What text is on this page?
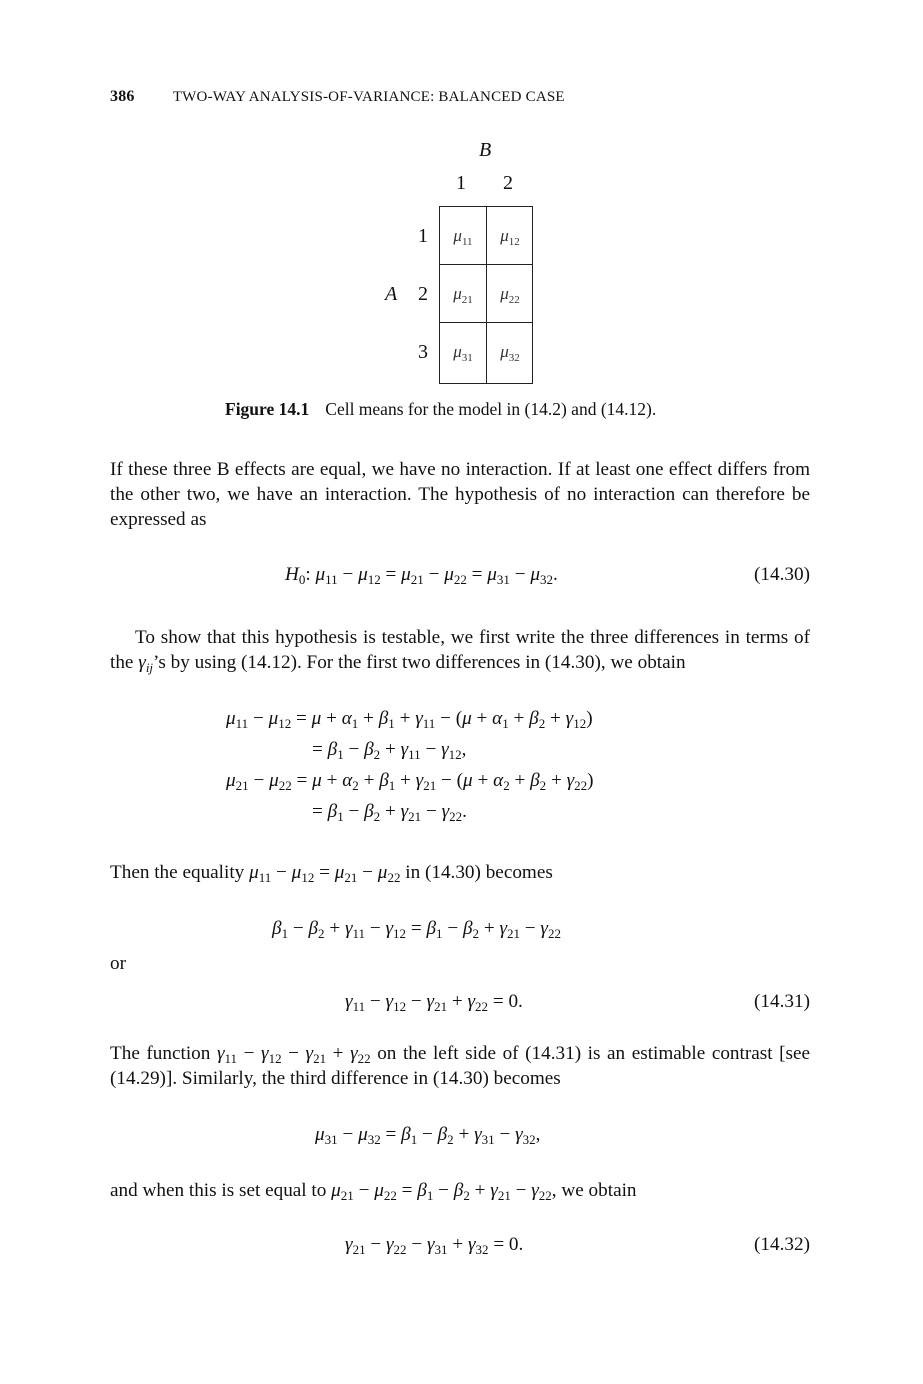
386	TWO-WAY ANALYSIS-OF-VARIANCE: BALANCED CASE
B
1 2
A
1
2
3
$\mu_{11}$	$\mu_{12}$
$\mu_{21}$	$\mu_{22}$
$\mu_{31}$	$\mu_{32}$
Figure 14.1 Cell means for the model in (14.2) and (14.12).
If these three B effects are equal, we have no interaction. If at least one effect differs from the other two, we have an interaction. The hypothesis of no interaction can therefore be expressed as
$H_0$: $\mu_{11} - \mu_{12} = \mu_{21} - \mu_{22} = \mu_{31} - \mu_{32}$.	(14.30)
To show that this hypothesis is testable, we first write the three differences in terms of the $\gamma_{ij}’s$ by using (14.12). For the first two differences in (14.30), we obtain
$\mu_{11} - \mu_{12} = \mu + \alpha_1 + \beta_1 + \gamma_{11} - (\mu + \alpha_1 + \beta_2 + \gamma_{12})$
= $\beta_1 - \beta_2 + \gamma_{11} - \gamma_{12}$,
$\mu_{21} - \mu_{22} = \mu + \alpha_2 + \beta_1 + \gamma_{21} - (\mu + \alpha_2 + \beta_2 + \gamma_{22})$
= $\beta_1 - \beta_2 + \gamma_{21} - \gamma_{22}$.
Then the equality $\mu_{11} - \mu_{12} = \mu_{21} - \mu_{22}$ in (14.30) becomes
$\beta_1 - \beta_2 + \gamma_{11} - \gamma_{12} = \beta_1 - \beta_2 + \gamma_{21} - \gamma_{22}$
or
$\gamma_{11} - \gamma_{12} - \gamma_{21} + \gamma_{22} = 0$.	(14.31)
The function $\gamma_{11} - \gamma_{12} - \gamma_{21} + \gamma_{22}$ on the left side of (14.31) is an estimable contrast [see (14.29)]. Similarly, the third difference in (14.30) becomes
$\mu_{31} - \mu_{32} = \beta_1 - \beta_2 + \gamma_{31} - \gamma_{32}$,
and when this is set equal to $\mu_{21} - \mu_{22} = \beta_1 - \beta_2 + \gamma_{21} - \gamma_{22}$, we obtain
$\gamma_{21} - \gamma_{22} - \gamma_{31} + \gamma_{32} = 0$.	(14.32)
